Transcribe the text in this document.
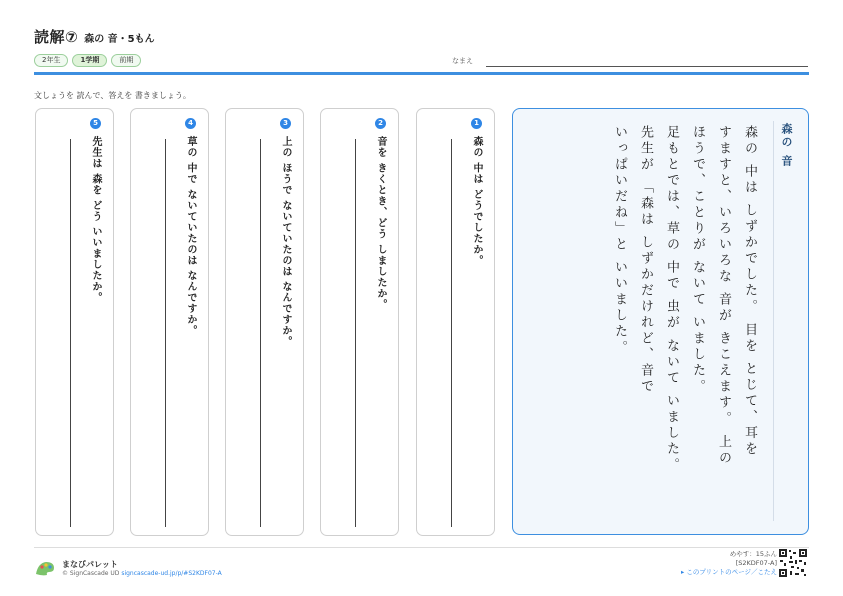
読解⑦ 森の 音・5もん
2年生	1学期	前期	なまえ
文しょうを 読んで、答えを 書きましょう。
1
森の 中は どうでしたか。
2
音を きくとき、どう しましたか。
3
上の ほうで ないていたのは なんですか。
4
草の 中で ないていたのは なんですか。
5
先生は 森を どう いいましたか。	森の 音
森の 中は しずかでした。 目を とじて、耳を
すますと、いろいろな 音が きこえます。 上の
ほうで、ことりが ないて いました。
足もとでは、草の 中で 虫が ないて いました。
先生が 「森は しずかだけれど、音で
いっぱいだね」と いいました。
まなびパレット
© SignCascade UD signcascade-ud.jp/p/#S2KDF07-A
めやす：15ふん
[S2KDF07-A]
▸ このプリントのページ／こたえ
